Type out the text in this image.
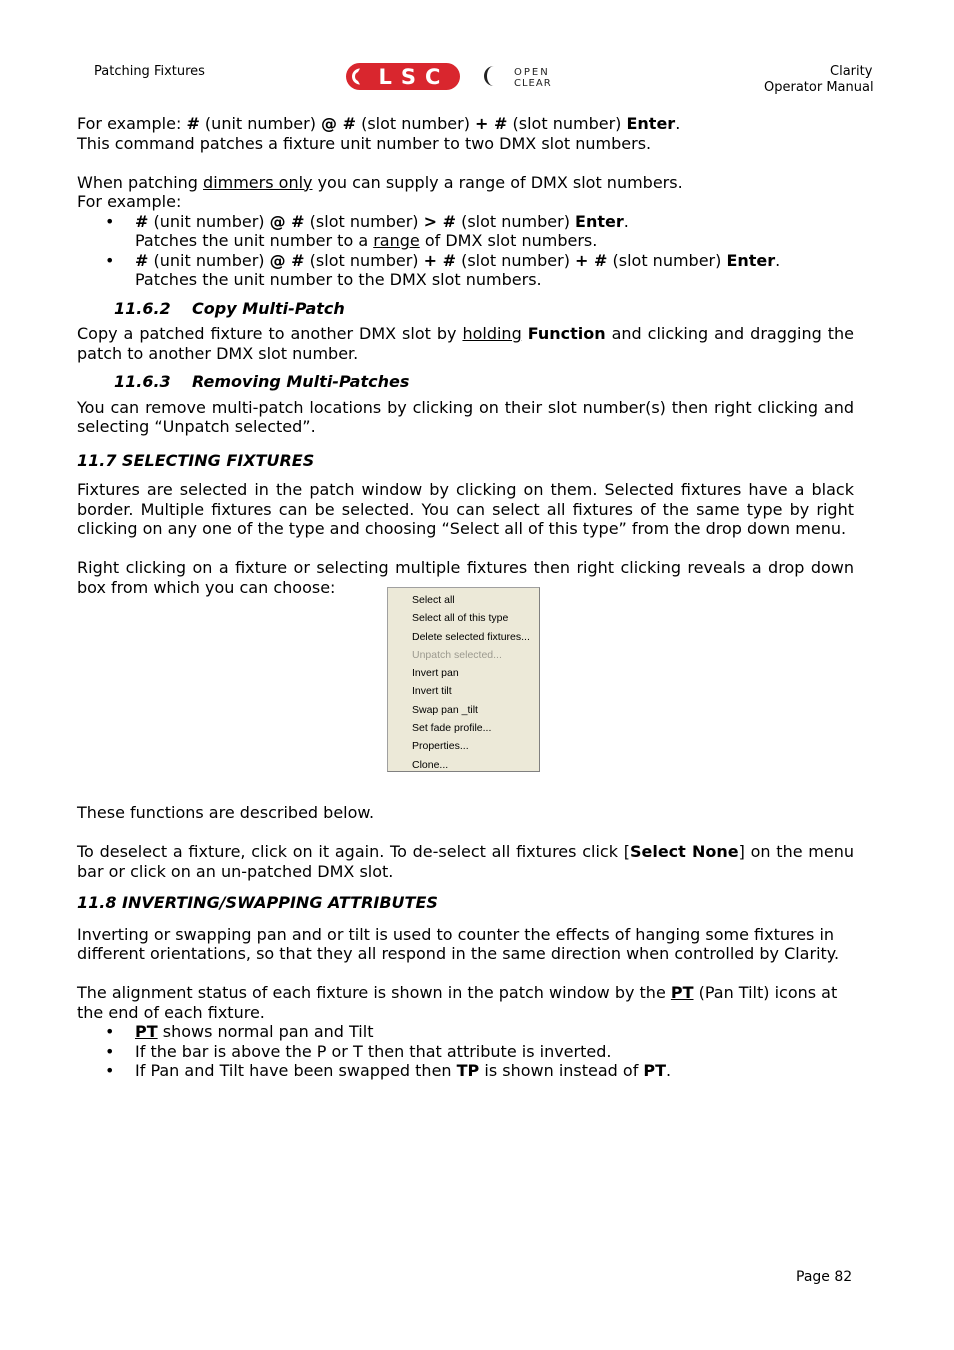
Patching Fixtures	LSC	OPEN
CLEAR
Clarity
Operator Manual

For example: # (unit number) @ # (slot number) + # (slot number) Enter.

This command patches a fixture unit number to two DMX slot numbers.

When patching dimmers only you can supply a range of DMX slot numbers.

For example:

• # (unit number) @ # (slot number) > # (slot number) Enter.
Patches the unit number to a range of DMX slot numbers.
• # (unit number) @ # (slot number) + # (slot number) + # (slot number) Enter.
Patches the unit number to the DMX slot numbers.
11.6.2 Copy Multi-Patch

Copy a patched fixture to another DMX slot by holding Function and clicking and dragging the patch to another DMX slot number.

11.6.3 Removing Multi-Patches

You can remove multi-patch locations by clicking on their slot number(s) then right clicking and selecting “Unpatch selected”.

11.7 SELECTING FIXTURES

Fixtures are selected in the patch window by clicking on them. Selected fixtures have a black border. Multiple fixtures can be selected. You can select all fixtures of the same type by right clicking on any one of the type and choosing “Select all of this type” from the drop down menu.

Right clicking on a fixture or selecting multiple fixtures then right clicking reveals a drop down box from which you can choose:

Select all
Select all of this type
Delete selected fixtures...
Unpatch selected...
Invert pan
Invert tilt
Swap pan _tilt
Set fade profile...
Properties...
Clone...

These functions are described below.

To deselect a fixture, click on it again. To de-select all fixtures click [Select None] on the menu bar or click on an un-patched DMX slot.

11.8 INVERTING/SWAPPING ATTRIBUTES

Inverting or swapping pan and or tilt is used to counter the effects of hanging some fixtures in different orientations, so that they all respond in the same direction when controlled by Clarity.

The alignment status of each fixture is shown in the patch window by the PT (Pan Tilt) icons at the end of each fixture.

• PT shows normal pan and Tilt
• If the bar is above the P or T then that attribute is inverted.
• If Pan and Tilt have been swapped then TP is shown instead of PT.
Page 82
